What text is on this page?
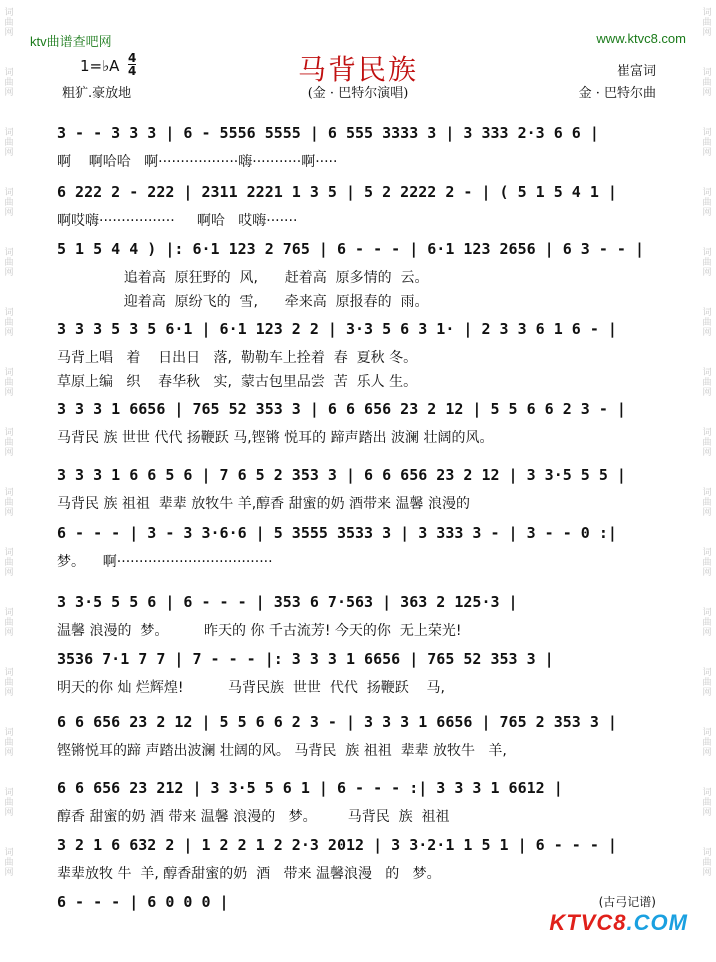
词
曲
网
词
曲
网
词
曲
网
词
曲
网
词
曲
网
词
曲
网
词
曲
网
词
曲
网
词
曲
网
词
曲
网
词
曲
网
词
曲
网
词
曲
网
词
曲
网
词
曲
网
词
曲
网
词
曲
网
词
曲
网
词
曲
网
词
曲
网
词
曲
网
词
曲
网
词
曲
网
词
曲
网
词
曲
网
词
曲
网
词
曲
网
词
曲
网
词
曲
网
词
曲
网
ktv曲谱查吧网	www.ktvc8.com
马背民族
1=♭A 4
4	崔富词
粗犷.豪放地	(金 · 巴特尔演唱)	金 · 巴特尔曲
3 - - 3 3 3 | 6 - 5556 5555 | 6 555 3333 3 | 3 333 2·3 6 6 |
啊    啊哈哈   啊··················嗨···········啊·····
6 222 2 - 222 | 2311 2221 1 3 5 | 5 2 2222 2 - | ( 5 1 5 4 1 |
啊哎嗨·················     啊哈   哎嗨·······
5 1 5 4 4 ) |: 6·1 123 2 765 | 6 - - - | 6·1 123 2656 | 6 3 - - |
追着高  原狂野的  风,      赶着高  原多情的  云。
迎着高  原纷飞的  雪,      牵来高  原报春的  雨。
3 3 3 5 3 5 6·1 | 6·1 123 2 2 | 3·3 5 6 3 1· | 2 3 3 6 1 6 - |
马背上唱   着    日出日   落,  勒勒车上拴着  春  夏秋 冬。
草原上编   织    春华秋   实,  蒙古包里品尝  苦  乐人 生。
3 3 3 1 6656 | 765 52 353 3 | 6 6 656 23 2 12 | 5 5 6 6 2 3 - |
马背民 族 世世 代代 扬鞭跃 马,铿锵 悦耳的 蹄声踏出 波澜 壮阔的风。
3 3 3 1 6 6 5 6 | 7 6 5 2 353 3 | 6 6 656 23 2 12 | 3 3·5 5 5 |
马背民 族 祖祖  辈辈 放牧牛 羊,醇香 甜蜜的奶 酒带来 温馨 浪漫的
6 - - - | 3 - 3 3·6·6 | 5 3555 3533 3 | 3 333 3 - | 3 - - 0 :|
梦。    啊···································
3 3·5 5 5 6 | 6 - - - | 353 6 7·563 | 363 2 125·3 |
温馨 浪漫的  梦。        昨天的 你 千古流芳! 今天的你  无上荣光!
3536 7·1 7 7 | 7 - - - |: 3 3 3 1 6656 | 765 52 353 3 |
明天的你 灿 烂辉煌!          马背民族  世世  代代  扬鞭跃    马,
6 6 656 23 2 12 | 5 5 6 6 2 3 - | 3 3 3 1 6656 | 765 2 353 3 |
铿锵悦耳的蹄 声踏出波澜 壮阔的风。 马背民  族 祖祖  辈辈 放牧牛   羊,
6 6 656 23 212 | 3 3·5 5 6 1 | 6 - - - :| 3 3 3 1 6612 |
醇香 甜蜜的奶 酒 带来 温馨 浪漫的   梦。       马背民  族  祖祖
3 2 1 6 632 2 | 1 2 2 1 2 2·3 2012 | 3 3·2·1 1 5 1 | 6 - - - |
辈辈放牧 牛  羊, 醇香甜蜜的奶  酒   带来 温馨浪漫   的   梦。
6 - - - | 6 0 0 0 |	(古弓记谱)
KTVC8.COM
